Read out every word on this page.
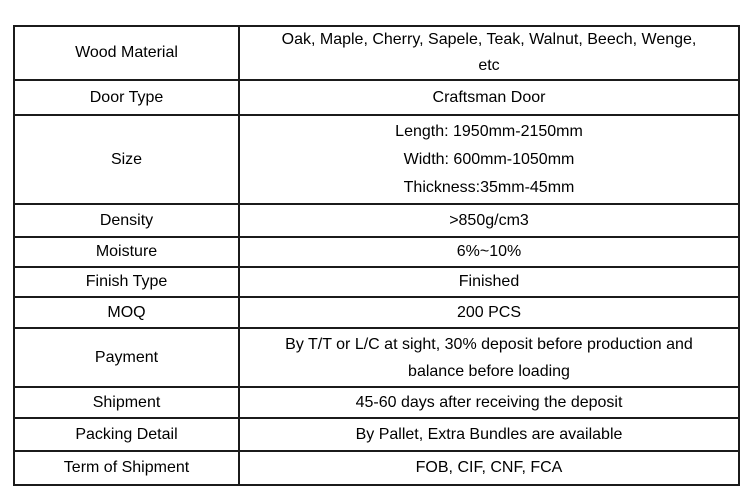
Wood Material	Oak, Maple, Cherry, Sapele, Teak, Walnut, Beech, Wenge,
etc

Door Type	Craftsman Door
Size	Length: 1950mm-2150mm
Width: 600mm-1050mm
Thickness:35mm-45mm

Density	>850g/cm3
Moisture	6%~10%
Finish Type	Finished
MOQ	200 PCS

Payment	By T/T or L/C at sight, 30% deposit before production and
balance before loading

Shipment	45-60 days after receiving the deposit
Packing Detail	By Pallet, Extra Bundles are available
Term of Shipment	FOB, CIF, CNF, FCA
